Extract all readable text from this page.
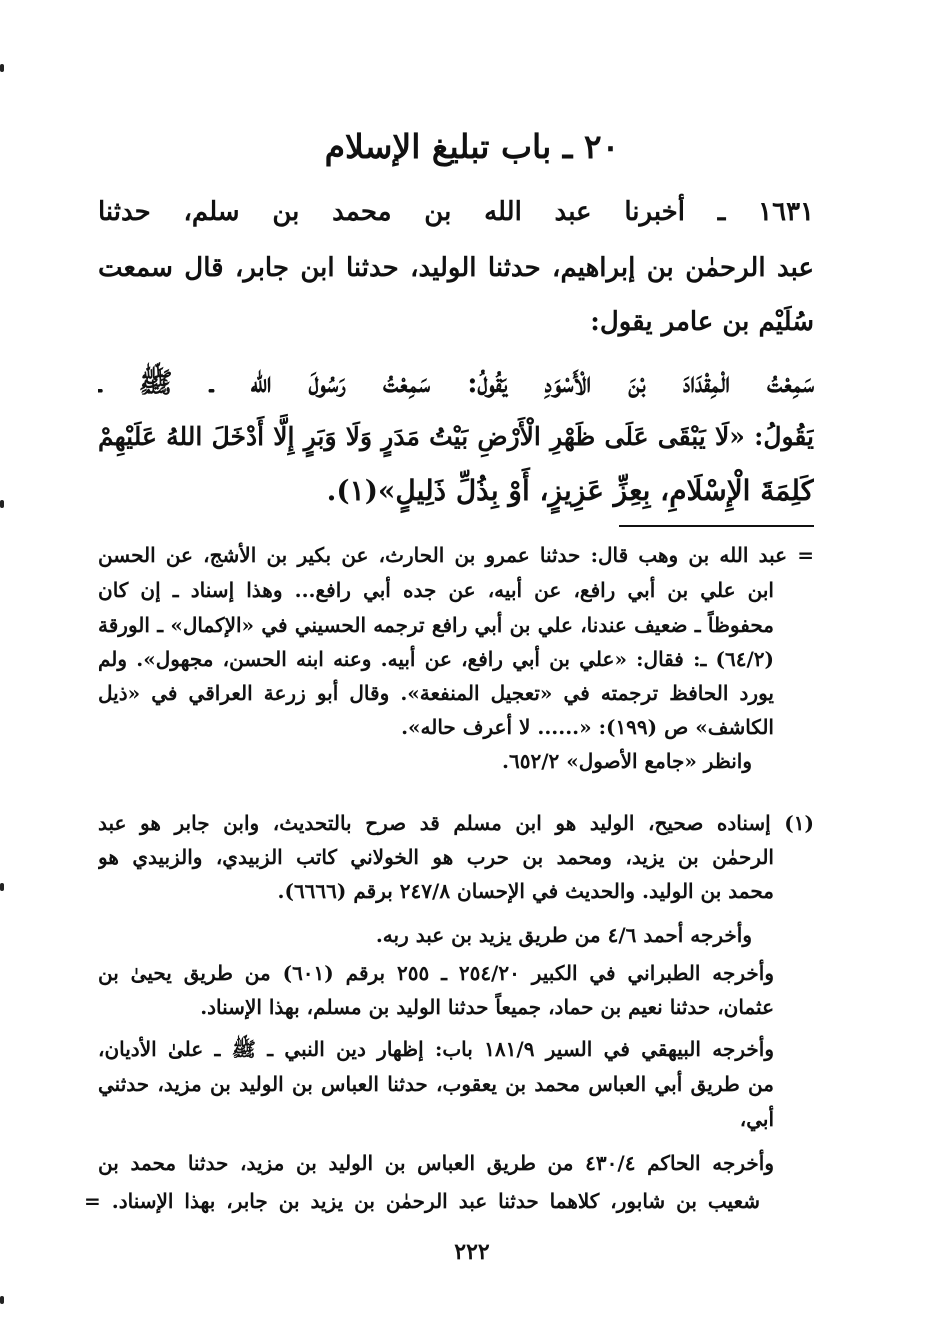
٢٠ ـ باب تبليغ الإسلام
١٦٣١ ـ أخبرنا عبد الله بن محمد بن سلم، حدثنا
عبد الرحمٰن بن إبراهيم، حدثنا الوليد، حدثنا ابن جابر، قال سمعت
سُلَيْم بن عامر يقول:
سَمِعْتُ الْمِقْدَادَ بْنَ الْأَسْوَدِ يَقُولُ: سَمِعْتُ رَسُولَ الله ـ ﷺ ـ
يَقُولُ: «لَا يَبْقَى عَلَى ظَهْرِ الْأَرْضِ بَيْتُ مَدَرٍ وَلَا وَبَرٍ إِلَّا أَدْخَلَ اللهُ عَلَيْهِمْ
كَلِمَةَ الْإِسْلَامِ، بِعِزِّ عَزِيزٍ، أَوْ بِذُلِّ ذَلِيلٍ»(١).
= عبد الله بن وهب قال: حدثنا عمرو بن الحارث، عن بكير بن الأشج، عن الحسن
ابن علي بن أبي رافع، عن أبيه، عن جده أبي رافع... وهذا إسناد ـ إن كان
محفوظاً ـ ضعيف عندنا، علي بن أبي رافع ترجمه الحسيني في «الإكمال» ـ الورقة
(٦٤/٢) ـ: فقال: «علي بن أبي رافع، عن أبيه. وعنه ابنه الحسن، مجهول». ولم
يورد الحافظ ترجمته في «تعجيل المنفعة». وقال أبو زرعة العراقي في «ذيل
الكاشف» ص (١٩٩): «...... لا أعرف حاله».
وانظر «جامع الأصول» ٦٥٢/٢.
(١) إسناده صحيح، الوليد هو ابن مسلم قد صرح بالتحديث، وابن جابر هو عبد
الرحمٰن بن يزيد، ومحمد بن حرب هو الخولاني كاتب الزبيدي، والزبيدي هو
محمد بن الوليد. والحديث في الإحسان ٢٤٧/٨ برقم (٦٦٦٦).
وأخرجه أحمد ٤/٦ من طريق يزيد بن عبد ربه.
وأخرجه الطبراني في الكبير ٢٥٤/٢٠ ـ ٢٥٥ برقم (٦٠١) من طريق يحيىٰ بن
عثمان، حدثنا نعيم بن حماد، جميعاً حدثنا الوليد بن مسلم، بهذا الإسناد.
وأخرجه البيهقي في السير ١٨١/٩ باب: إظهار دين النبي ـ ﷺ ـ علىٰ الأديان،
من طريق أبي العباس محمد بن يعقوب، حدثنا العباس بن الوليد بن مزيد، حدثني
أبي،
وأخرجه الحاكم ٤٣٠/٤ من طريق العباس بن الوليد بن مزيد، حدثنا محمد بن
شعيب بن شابور، كلاهما حدثنا عبد الرحمٰن بن يزيد بن جابر، بهذا الإسناد. =
٢٢٢
